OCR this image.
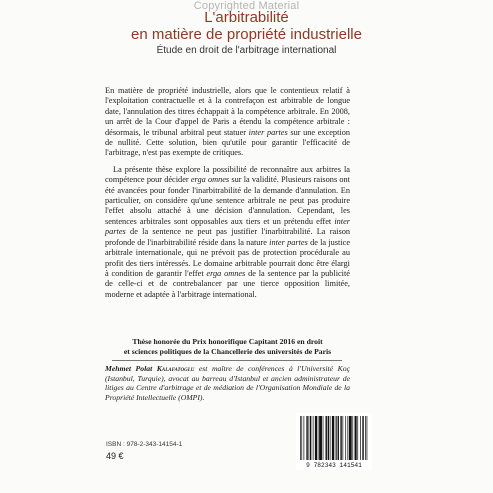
Copyrighted Material
L'arbitrabilité
en matière de propriété industrielle
Étude en droit de l'arbitrage international

En matière de propriété industrielle, alors que le contentieux relatif à l'exploitation contractuelle et à la contrefaçon est arbitrable de longue date, l'annulation des titres échappait à la compétence arbitrale. En 2008, un arrêt de la Cour d'appel de Paris a étendu la compétence arbitrale : désormais, le tribunal arbitral peut statuer inter partes sur une exception de nullité. Cette solution, bien qu'utile pour garantir l'efficacité de l'arbitrage, n'est pas exempte de critiques.

La présente thèse explore la possibilité de reconnaître aux arbitres la compétence pour décider erga omnes sur la validité. Plusieurs raisons ont été avancées pour fonder l'inarbitrabilité de la demande d'annulation. En particulier, on considère qu'une sentence arbitrale ne peut pas produire l'effet absolu attaché à une décision d'annulation. Cependant, les sentences arbitrales sont opposables aux tiers et un prétendu effet inter partes de la sentence ne peut pas justifier l'inarbitrabilité. La raison profonde de l'inarbitrabilité réside dans la nature inter partes de la justice arbitrale internationale, qui ne prévoit pas de protection procédurale au profit des tiers intéressés. Le domaine arbitrable pourrait donc être élargi à condition de garantir l'effet erga omnes de la sentence par la publicité de celle-ci et de contrebalancer par une tierce opposition limitée, moderne et adaptée à l'arbitrage international.

Thèse honorée du Prix honorifique Capitant 2016 en droit
et sciences politiques de la Chancellerie des universités de Paris
Mehmet Polat Kalafatoglu est maître de conférences à l'Université Koç (Istanbul, Turquie), avocat au barreau d'Istanbul et ancien administrateur de litiges au Centre d'arbitrage et de médiation de l'Organisation Mondiale de la Propriété Intellectuelle (OMPI).
ISBN : 978-2-343-14154-1
49 €
9 782343 141541
